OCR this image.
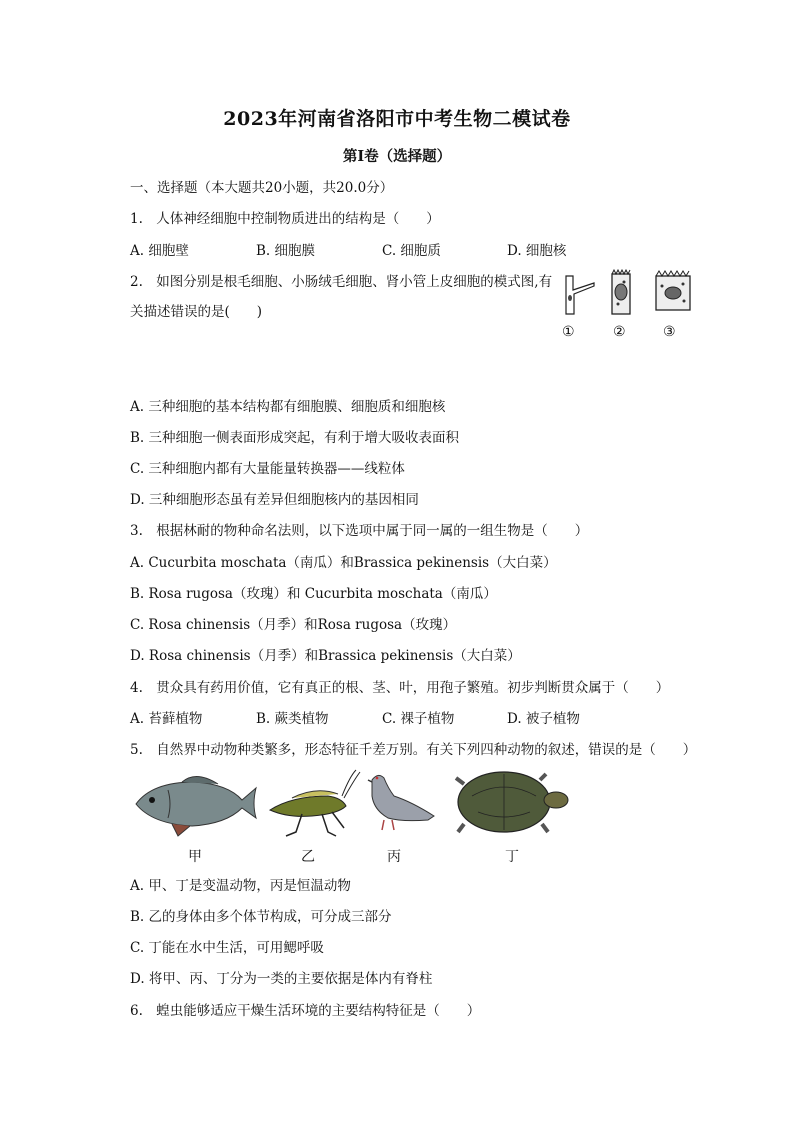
2023年河南省洛阳市中考生物二模试卷
第I卷（选择题）
一、选择题（本大题共20小题，共20.0分）
1. 人体神经细胞中控制物质进出的结构是（　　）
A. 细胞壁	B. 细胞膜	C. 细胞质	D. 细胞核
2. 如图分别是根毛细胞、小肠绒毛细胞、肾小管上皮细胞的模式图,有
关描述错误的是(　　)
①	②	③
A. 三种细胞的基本结构都有细胞膜、细胞质和细胞核
B. 三种细胞一侧表面形成突起，有利于增大吸收表面积
C. 三种细胞内都有大量能量转换器——线粒体
D. 三种细胞形态虽有差异但细胞核内的基因相同
3. 根据林耐的物种命名法则，以下选项中属于同一属的一组生物是（　　）
A. Cucurbita moschata（南瓜）和Brassica pekinensis（大白菜）
B. Rosa rugosa（玫瑰）和 Cucurbita moschata（南瓜）
C. Rosa chinensis（月季）和Rosa rugosa（玫瑰）
D. Rosa chinensis（月季）和Brassica pekinensis（大白菜）
4. 贯众具有药用价值，它有真正的根、茎、叶，用孢子繁殖。初步判断贯众属于（　　）
A. 苔藓植物	B. 蕨类植物	C. 裸子植物	D. 被子植物
5. 自然界中动物种类繁多，形态特征千差万别。有关下列四种动物的叙述，错误的是（　　）
甲	乙	丙	丁
A. 甲、丁是变温动物，丙是恒温动物
B. 乙的身体由多个体节构成，可分成三部分
C. 丁能在水中生活，可用鳃呼吸
D. 将甲、丙、丁分为一类的主要依据是体内有脊柱
6. 蝗虫能够适应干燥生活环境的主要结构特征是（　　）
